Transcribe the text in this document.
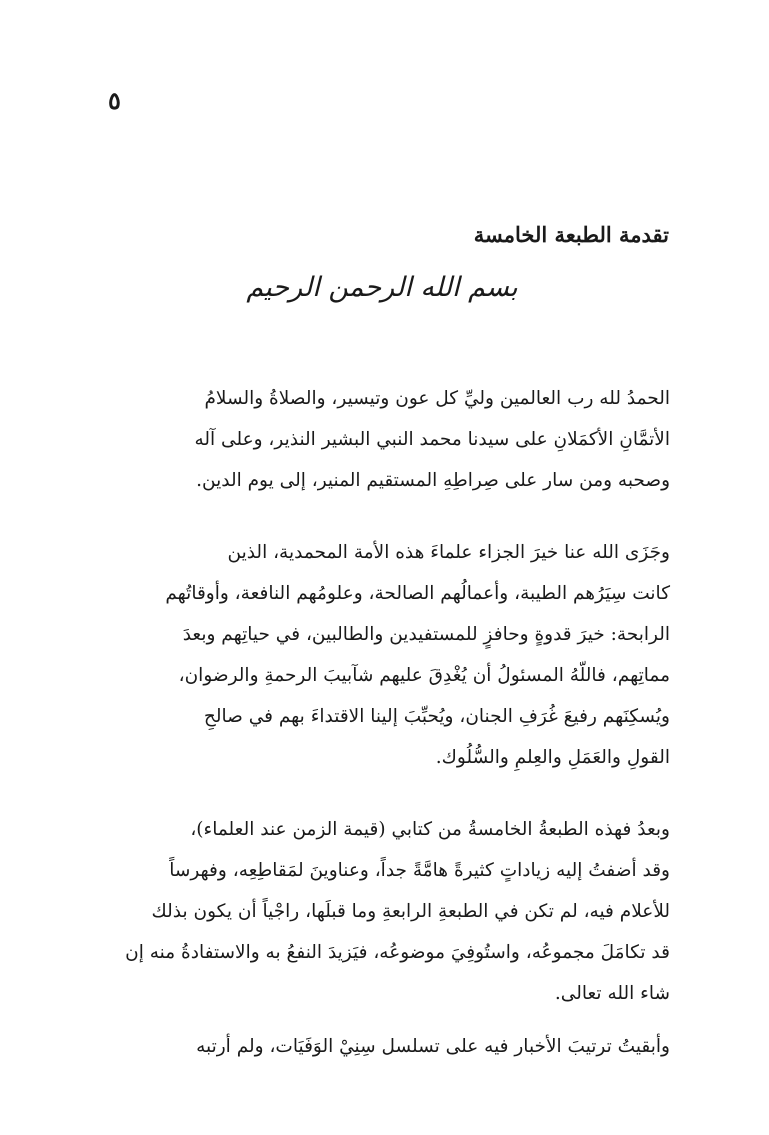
٥
تقدمة الطبعة الخامسة
بسم الله الرحمن الرحيم

الحمدُ لله رب العالمين وليِّ كل عون وتيسير، والصلاةُ والسلامُ
الأتمَّانِ الأكمَلانِ على سيدنا محمد النبي البشير النذير، وعلى آله
وصحبه ومن سار على صِراطِهِ المستقيم المنير، إلى يوم الدين.

وجَزَى الله عنا خيرَ الجزاء علماءَ هذه الأمة المحمدية، الذين
كانت سِيَرُهم الطيبة، وأعمالُهم الصالحة، وعلومُهم النافعة، وأوقاتُهم
الرابحة: خيرَ قدوةٍ وحافزٍ للمستفيدين والطالبين، في حياتِهم وبعدَ
مماتِهم، فاللّهُ المسئولُ أن يُغْدِقَ عليهم شآبيبَ الرحمةِ والرضوان،
ويُسكِنَهم رفيعَ غُرَفِ الجنان، ويُحبِّبَ إلينا الاقتداءَ بهم في صالحِ
القولِ والعَمَلِ والعِلمِ والسُّلُوك.

وبعدُ فهذه الطبعةُ الخامسةُ من كتابي (قيمة الزمن عند العلماء)،
وقد أضفتُ إليه زياداتٍ كثيرةً هامَّةً جداً، وعناوينَ لمَقاطِعِه، وفهرساً
للأعلام فيه، لم تكن في الطبعةِ الرابعةِ وما قبلَها، راجْياً أن يكون بذلك
قد تكامَلَ مجموعُه، واستُوفِيَ موضوعُه، فيَزيدَ النفعُ به والاستفادةُ منه إن
شاء الله تعالى.

وأبقيتُ ترتيبَ الأخبار فيه على تسلسل سِنِيْ الوَفَيَات، ولم أرتبه
